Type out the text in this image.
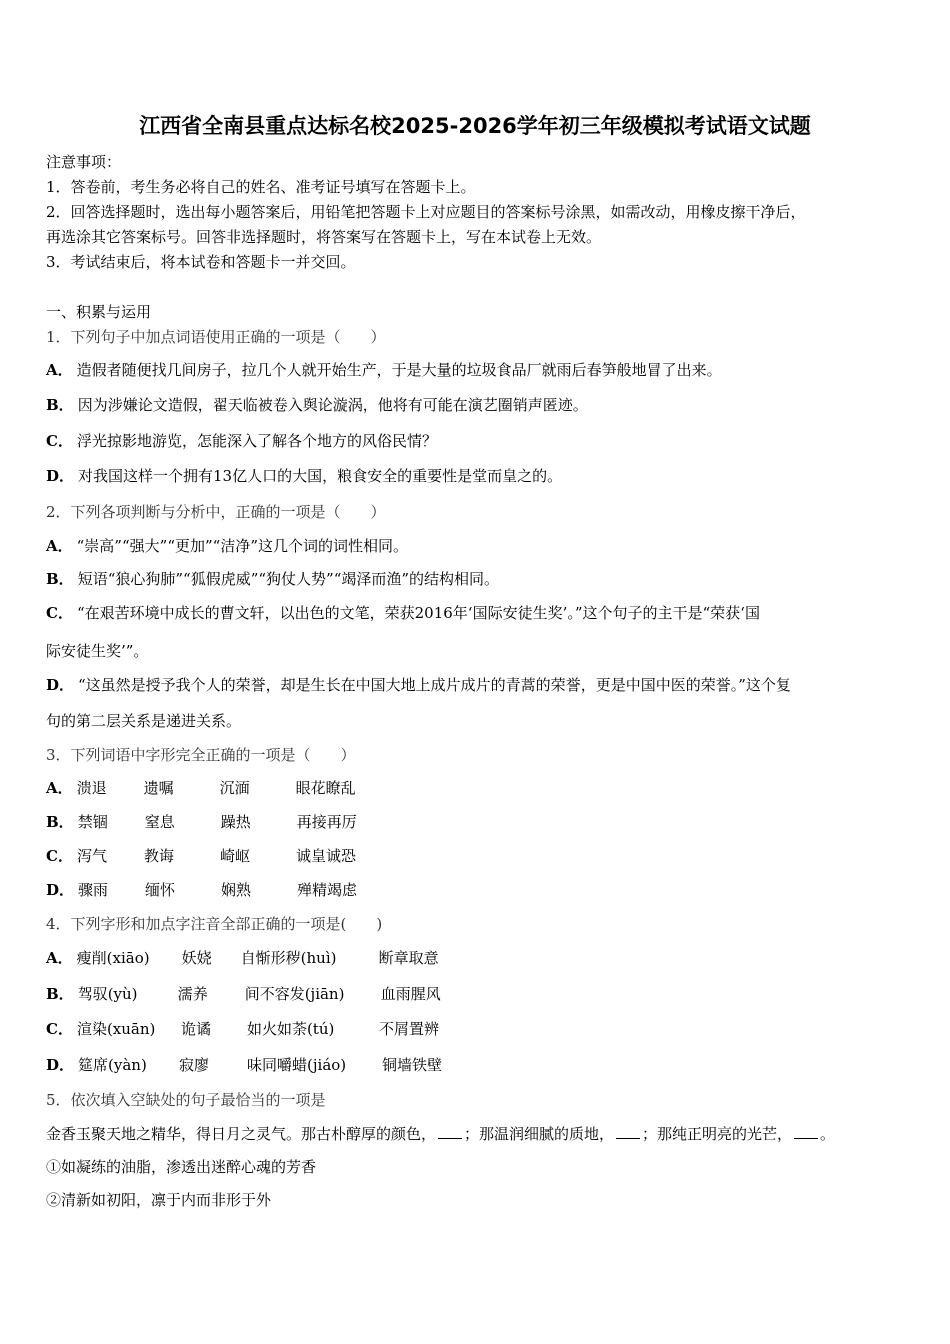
江西省全南县重点达标名校2025-2026学年初三年级模拟考试语文试题
注意事项：
1．答卷前，考生务必将自己的姓名、准考证号填写在答题卡上。
2．回答选择题时，选出每小题答案后，用铅笔把答题卡上对应题目的答案标号涂黑，如需改动，用橡皮擦干净后，
再选涂其它答案标号。回答非选择题时，将答案写在答题卡上，写在本试卷上无效。
3．考试结束后，将本试卷和答题卡一并交回。
一、积累与运用
1．下列句子中加点词语使用正确的一项是（　　）
A． 造假者随便找几间房子，拉几个人就开始生产，于是大量的垃圾食品厂就雨后春笋般地冒了出来。
B． 因为涉嫌论文造假，翟天临被卷入舆论漩涡，他将有可能在演艺圈销声匿迹。
C． 浮光掠影地游览，怎能深入了解各个地方的风俗民情？
D． 对我国这样一个拥有13亿人口的大国，粮食安全的重要性是堂而皇之的。
2．下列各项判断与分析中，正确的一项是（　　）
A． “崇高”“强大”“更加”“洁净”这几个词的词性相同。
B． 短语“狼心狗肺”“狐假虎威”“狗仗人势”“竭泽而渔”的结构相同。
C． “在艰苦环境中成长的曹文轩，以出色的文笔，荣获2016年‘国际安徒生奖’。”这个句子的主干是“荣获‘国
际安徒生奖’”。
D． “这虽然是授予我个人的荣誉，却是生长在中国大地上成片成片的青蒿的荣誉，更是中国中医的荣誉。”这个复
句的第二层关系是递进关系。
3．下列词语中字形完全正确的一项是（　　）
A． 溃退 遗嘱	沉湎	眼花瞭乱
B． 禁锢 窒息	躁热	再接再厉
C． 泻气 教诲	崎岖	诚皇诚恐
D． 骤雨 缅怀	娴熟	殚精竭虑
4．下列字形和加点字注音全部正确的一项是(　　)
A． 瘦削(xiāo) 妖娆 自惭形秽(huì)	断章取意
B． 驾驭(yù)	濡养 间不容发(jiān) 血雨腥风
C． 渲染(xuān) 诡谲 如火如荼(tú)	不屑置辨
D． 筵席(yàn) 寂廖	味同嚼蜡(jiáo) 铜墙铁壁
5．依次填入空缺处的句子最恰当的一项是
金香玉聚天地之精华，得日月之灵气。那古朴醇厚的颜色， ；那温润细腻的质地， ；那纯正明亮的光芒， 。
①如凝练的油脂，渗透出迷醉心魂的芳香
②清新如初阳，凛于内而非形于外
